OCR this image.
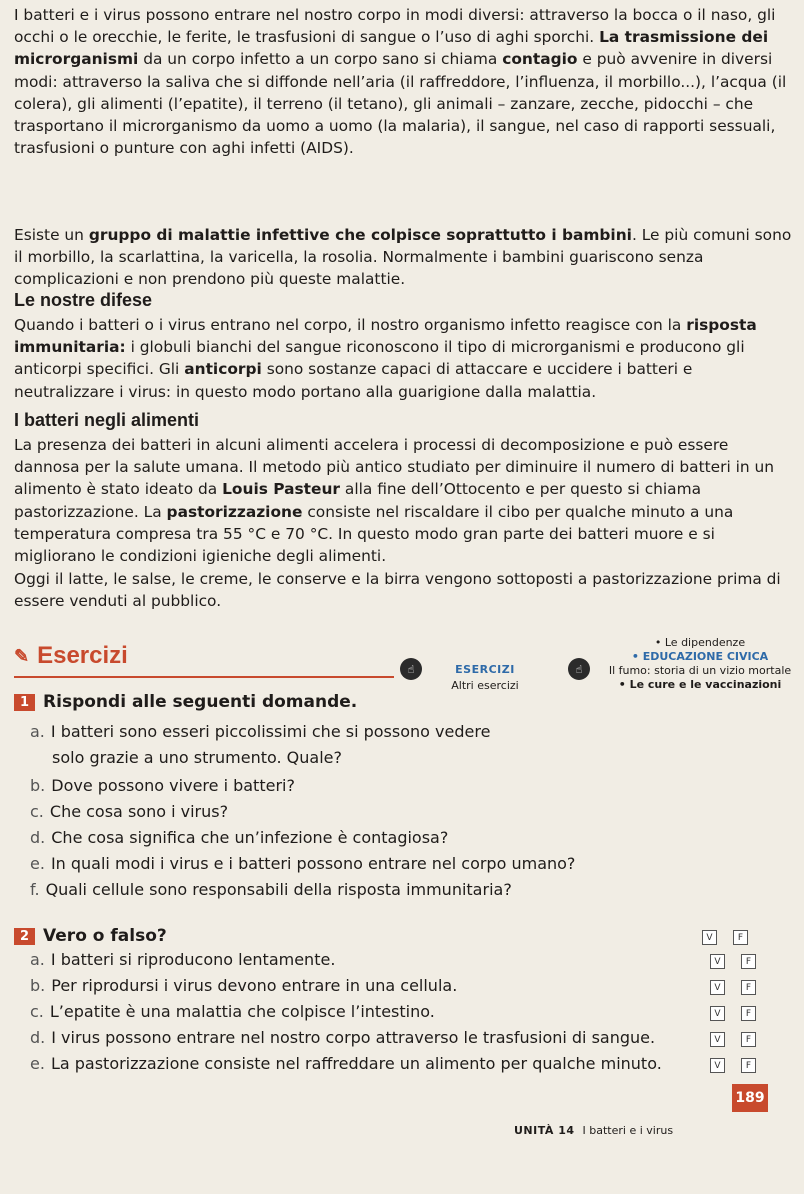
I batteri e i virus possono entrare nel nostro corpo in modi diversi: attraverso la bocca o il naso, gli occhi o le orecchie, le ferite, le trasfusioni di sangue o l’uso di aghi sporchi. La trasmissione dei microrganismi da un corpo infetto a un corpo sano si chiama contagio e può avvenire in diversi modi: attraverso la saliva che si diffonde nell’aria (il raffreddore, l’influenza, il morbillo...), l’acqua (il colera), gli alimenti (l’epatite), il terreno (il tetano), gli animali – zanzare, zecche, pidocchi – che trasportano il microrganismo da uomo a uomo (la malaria), il sangue, nel caso di rapporti sessuali, trasfusioni o punture con aghi infetti (AIDS).

Esiste un gruppo di malattie infettive che colpisce soprattutto i bambini. Le più comuni sono il morbillo, la scarlattina, la varicella, la rosolia. Normalmente i bambini guariscono senza complicazioni e non prendono più queste malattie.

Le nostre difese

Quando i batteri o i virus entrano nel corpo, il nostro organismo infetto reagisce con la risposta immunitaria: i globuli bianchi del sangue riconoscono il tipo di microrganismi e producono gli anticorpi specifici. Gli anticorpi sono sostanze capaci di attaccare e uccidere i batteri e neutralizzare i virus: in questo modo portano alla guarigione dalla malattia.

I batteri negli alimenti

La presenza dei batteri in alcuni alimenti accelera i processi di decomposizione e può essere dannosa per la salute umana. Il metodo più antico studiato per diminuire il numero di batteri in un alimento è stato ideato da Louis Pasteur alla fine dell’Ottocento e per questo si chiama pastorizzazione. La pastorizzazione consiste nel riscaldare il cibo per qualche minuto a una temperatura compresa tra 55 °C e 70 °C. In questo modo gran parte dei batteri muore e si migliorano le condizioni igieniche degli alimenti.

Oggi il latte, le salse, le creme, le conserve e la birra vengono sottoposti a pastorizzazione prima di essere venduti al pubblico.

✎ Esercizi	☝	ESERCIZI
Altri esercizi
☝
• Le dipendenze
• EDUCAZIONE CIVICA
Il fumo: storia di un vizio mortale
• Le cure e le vaccinazioni
1 Rispondi alle seguenti domande.
a. I batteri sono esseri piccolissimi che si possono vedere
solo grazie a uno strumento. Quale?
b. Dove possono vivere i batteri?
c. Che cosa sono i virus?
d. Che cosa significa che un’infezione è contagiosa?
e. In quali modi i virus e i batteri possono entrare nel corpo umano?
f. Quali cellule sono responsabili della risposta immunitaria?
2 Vero o falso?	V	F
a. I batteri si riproducono lentamente.	V	F
b. Per riprodursi i virus devono entrare in una cellula.	V	F
c. L’epatite è una malattia che colpisce l’intestino.	V	F
d. I virus possono entrare nel nostro corpo attraverso le trasfusioni di sangue.	V	F
e. La pastorizzazione consiste nel raffreddare un alimento per qualche minuto.	V	F
UNITÀ 14 I batteri e i virus
189
